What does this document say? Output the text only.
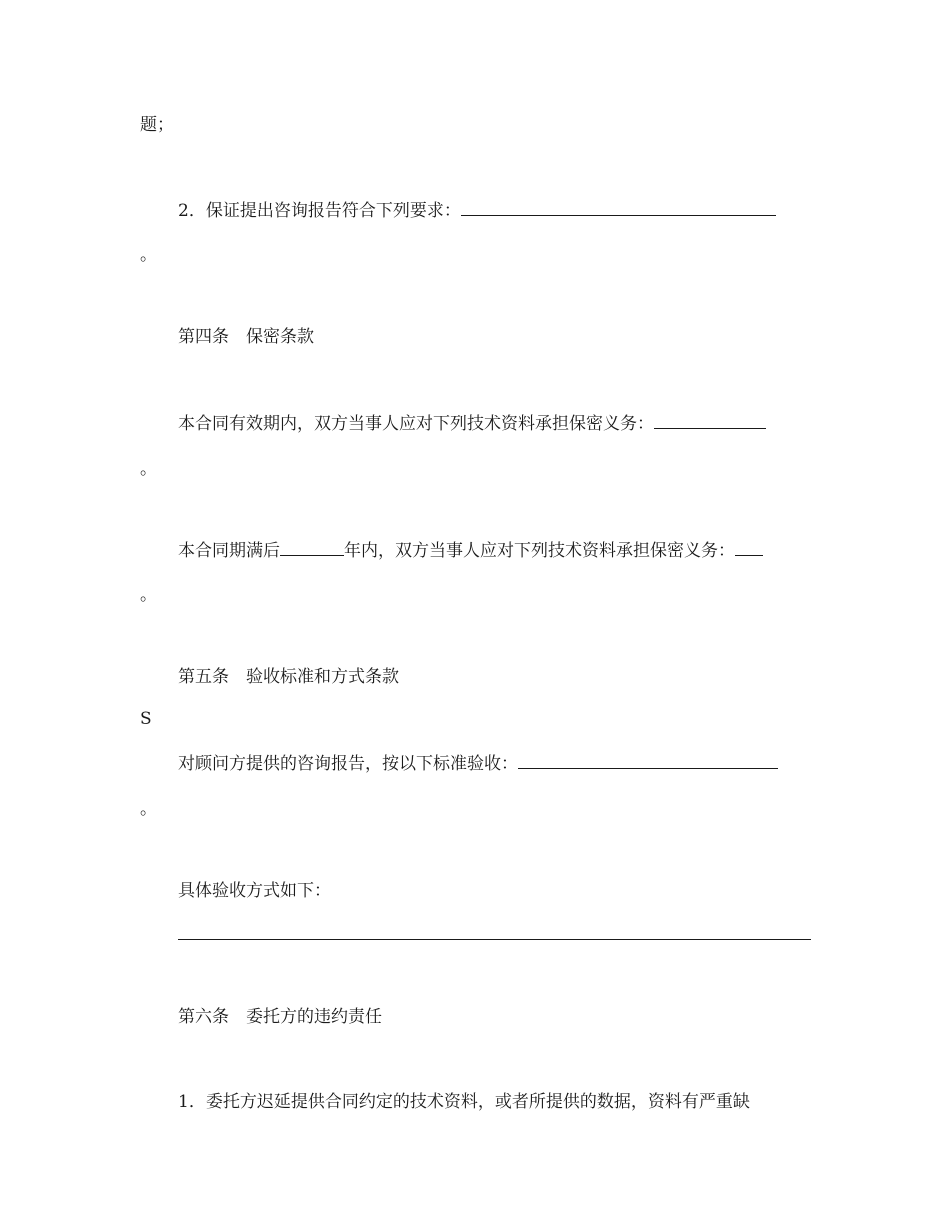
题；
2．保证提出咨询报告符合下列要求：
。
第四条　保密条款
本合同有效期内，双方当事人应对下列技术资料承担保密义务：
。
本合同期满后	年内，双方当事人应对下列技术资料承担保密义务：
。
第五条　验收标准和方式条款
S
对顾问方提供的咨询报告，按以下标准验收：
。
具体验收方式如下：
第六条　委托方的违约责任
1．委托方迟延提供合同约定的技术资料，或者所提供的数据，资料有严重缺
